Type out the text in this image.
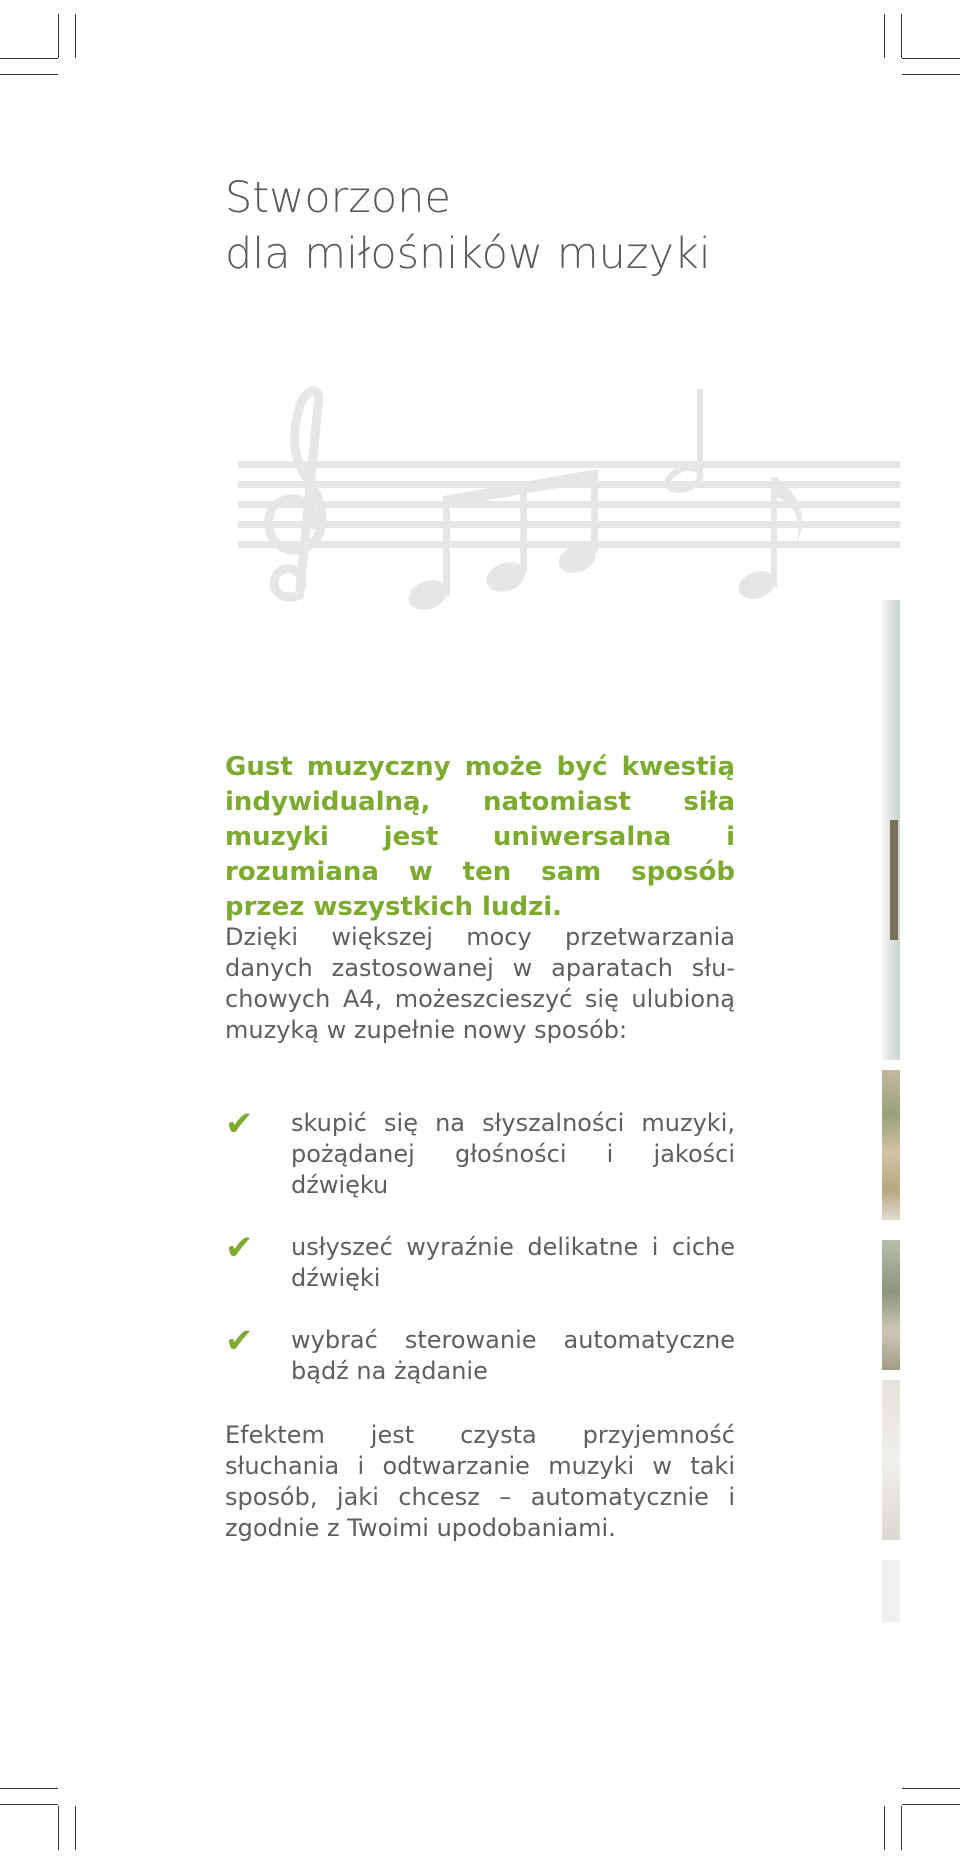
Stworzone
dla miłośników muzyki

Gust muzyczny może być kwestią indywidualną, natomiast siła muzyki jest uniwersalna i rozumiana w ten sam sposób przez wszystkich ludzi.

Dzięki większej mocy przetwarzania danych zastosowanej w aparatach słu-chowych A4, możeszcieszyć się ulubioną muzyką w zupełnie nowy sposób:

✔ skupić się na słyszalności muzyki, pożądanej głośności i jakości dźwięku
✔ usłyszeć wyraźnie delikatne i ciche dźwięki
✔ wybrać sterowanie automatyczne bądź na żądanie

Efektem jest czysta przyjemność słuchania i odtwarzanie muzyki w taki sposób, jaki chcesz – automatycznie i zgodnie z Twoimi upodobaniami.
